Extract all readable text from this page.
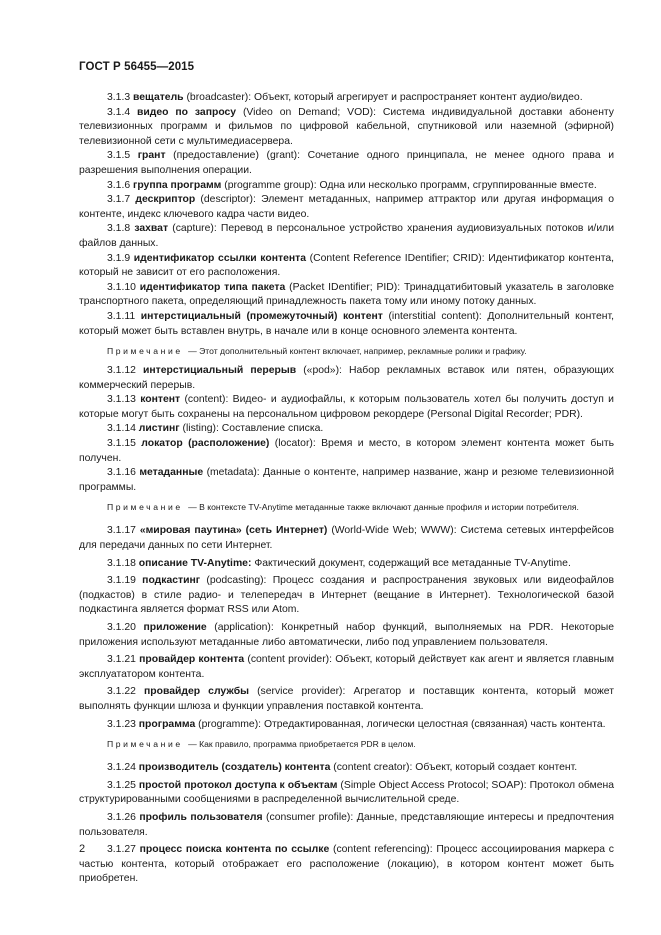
ГОСТ Р 56455—2015

3.1.3 вещатель (broadcaster): Объект, который агрегирует и распространяет контент аудио/видео.

3.1.4 видео по запросу (Video on Demand; VOD): Система индивидуальной доставки абоненту телевизионных программ и фильмов по цифровой кабельной, спутниковой или наземной (эфирной) телевизионной сети с мультимедиасервера.

3.1.5 грант (предоставление) (grant): Сочетание одного принципала, не менее одного права и разрешения выполнения операции.

3.1.6 группа программ (programme group): Одна или несколько программ, сгруппированные вместе.

3.1.7 дескриптор (descriptor): Элемент метаданных, например аттрактор или другая информация о контенте, индекс ключевого кадра части видео.

3.1.8 захват (capture): Перевод в персональное устройство хранения аудиовизуальных потоков и/или файлов данных.

3.1.9 идентификатор ссылки контента (Content Reference IDentifier; CRID): Идентификатор контента, который не зависит от его расположения.

3.1.10 идентификатор типа пакета (Packet IDentifier; PID): Тринадцатибитовый указатель в заголовке транспортного пакета, определяющий принадлежность пакета тому или иному потоку данных.

3.1.11 интерстициальный (промежуточный) контент (interstitial content): Дополнительный контент, который может быть вставлен внутрь, в начале или в конце основного элемента контента.

Примечание — Этот дополнительный контент включает, например, рекламные ролики и графику.

3.1.12 интерстициальный перерыв («pod»): Набор рекламных вставок или пятен, образующих коммерческий перерыв.

3.1.13 контент (content): Видео- и аудиофайлы, к которым пользователь хотел бы получить доступ и которые могут быть сохранены на персональном цифровом рекордере (Personal Digital Recorder; PDR).

3.1.14 листинг (listing): Составление списка.

3.1.15 локатор (расположение) (locator): Время и место, в котором элемент контента может быть получен.

3.1.16 метаданные (metadata): Данные о контенте, например название, жанр и резюме телевизионной программы.

Примечание — В контексте TV-Anytime метаданные также включают данные профиля и истории потребителя.

3.1.17 «мировая паутина» (сеть Интернет) (World-Wide Web; WWW): Система сетевых интерфейсов для передачи данных по сети Интернет.

3.1.18 описание TV-Anytime: Фактический документ, содержащий все метаданные TV-Anytime.

3.1.19 подкастинг (podcasting): Процесс создания и распространения звуковых или видеофайлов (подкастов) в стиле радио- и телепередач в Интернет (вещание в Интернет). Технологической базой подкастинга является формат RSS или Atom.

3.1.20 приложение (application): Конкретный набор функций, выполняемых на PDR. Некоторые приложения используют метаданные либо автоматически, либо под управлением пользователя.

3.1.21 провайдер контента (content provider): Объект, который действует как агент и является главным эксплуататором контента.

3.1.22 провайдер службы (service provider): Агрегатор и поставщик контента, который может выполнять функции шлюза и функции управления поставкой контента.

3.1.23 программа (programme): Отредактированная, логически целостная (связанная) часть контента.

Примечание — Как правило, программа приобретается PDR в целом.

3.1.24 производитель (создатель) контента (content creator): Объект, который создает контент.

3.1.25 простой протокол доступа к объектам (Simple Object Access Protocol; SOAP): Протокол обмена структурированными сообщениями в распределенной вычислительной среде.

3.1.26 профиль пользователя (consumer profile): Данные, представляющие интересы и предпочтения пользователя.

3.1.27 процесс поиска контента по ссылке (content referencing): Процесс ассоциирования маркера с частью контента, который отображает его расположение (локацию), в котором контент может быть приобретен.

2
